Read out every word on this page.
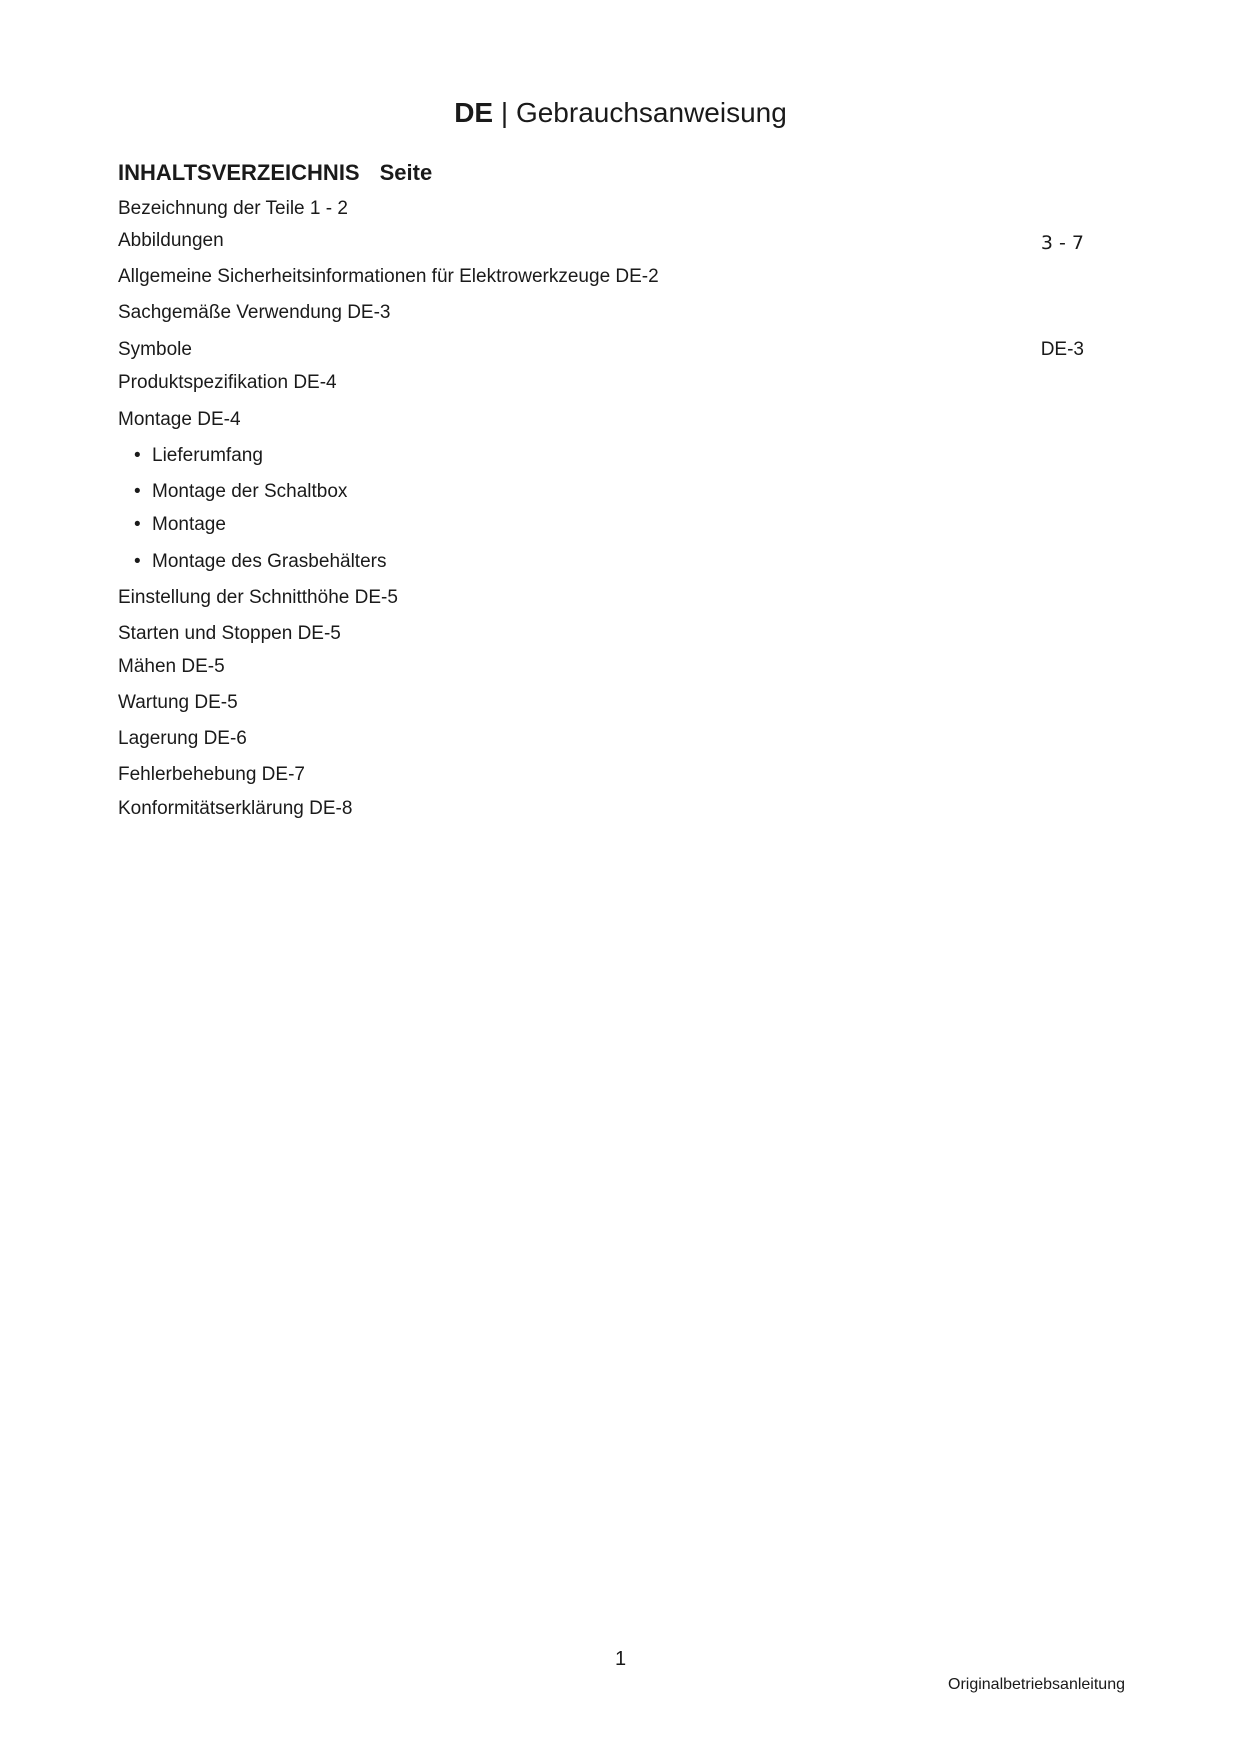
DE | Gebrauchsanweisung
INHALTSVERZEICHNIS Seite
Bezeichnung der Teile 1 - 2
Abbildungen	3 - 7
Allgemeine Sicherheitsinformationen für Elektrowerkzeuge DE-2
Sachgemäße Verwendung DE-3
Symbole	DE-3
Produktspezifikation DE-4
Montage DE-4
• Lieferumfang
• Montage der Schaltbox
• Montage
• Montage des Grasbehälters
Einstellung der Schnitthöhe DE-5
Starten und Stoppen DE-5
Mähen DE-5
Wartung DE-5
Lagerung DE-6
Fehlerbehebung DE-7
Konformitätserklärung DE-8
1
Originalbetriebsanleitung
